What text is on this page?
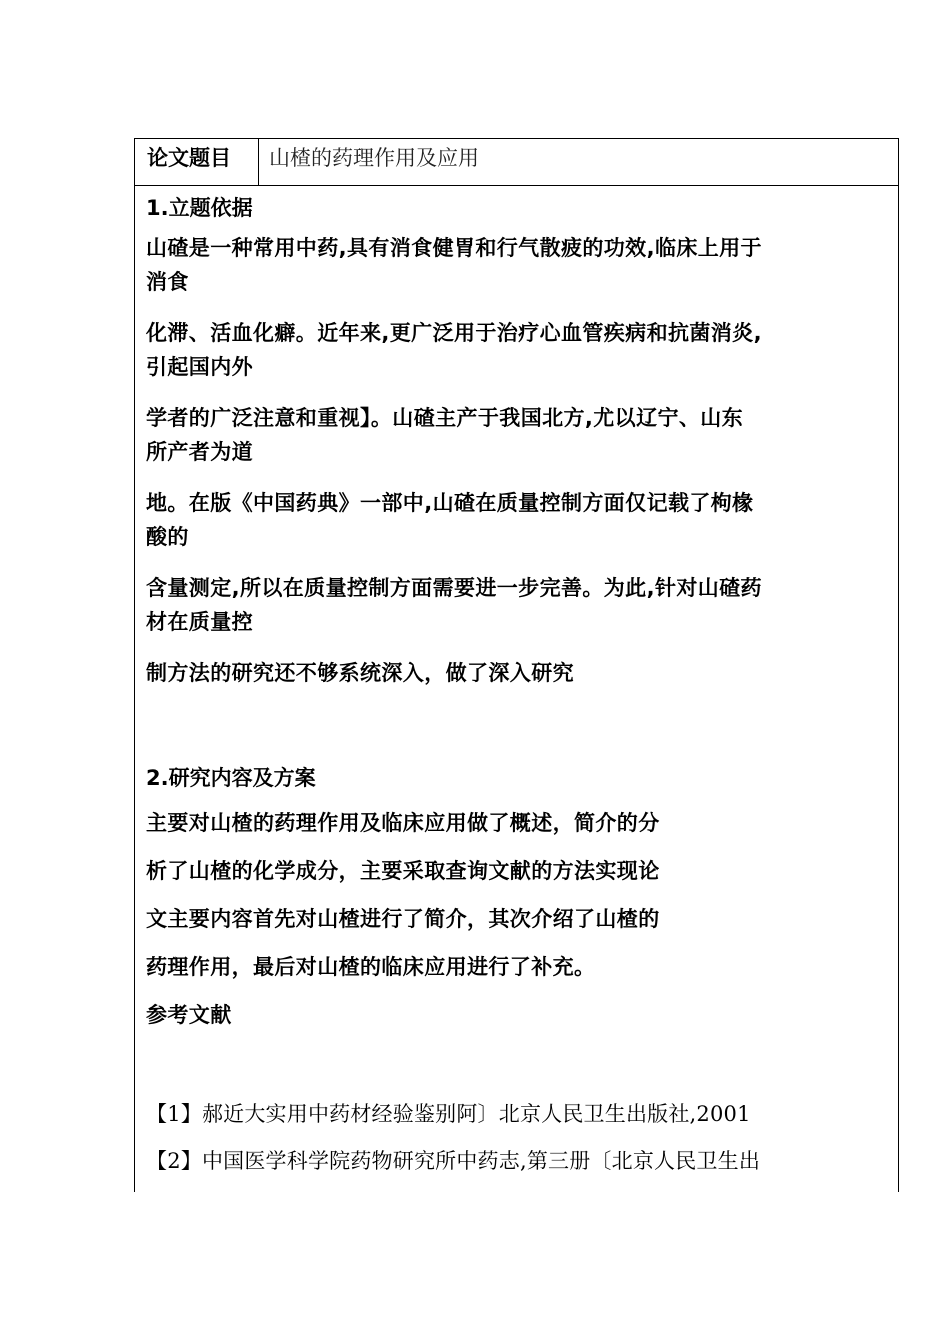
论文题目	山楂的药理作用及应用

1.立题依据
山碴是一种常用中药,具有消食健胃和行气散疲的功效,临床上用于
消食
化滞、活血化癖。近年来,更广泛用于治疗心血管疾病和抗菌消炎,
引起国内外
学者的广泛注意和重视】。山碴主产于我国北方,尤以辽宁、山东
所产者为道
地。在版《中国药典》一部中,山碴在质量控制方面仅记载了枸椽
酸的
含量测定,所以在质量控制方面需要进一步完善。为此,针对山碴药
材在质量控
制方法的研究还不够系统深入，做了深入研究
2.研究内容及方案
主要对山楂的药理作用及临床应用做了概述，简介的分
析了山楂的化学成分，主要采取查询文献的方法实现论
文主要内容首先对山楂进行了简介，其次介绍了山楂的
药理作用，最后对山楂的临床应用进行了补充。
参考文献
【1】郝近大实用中药材经验鉴别阿〕北京人民卫生出版社,2001
【2】中国医学科学院药物研究所中药志,第三册〔北京人民卫生出
